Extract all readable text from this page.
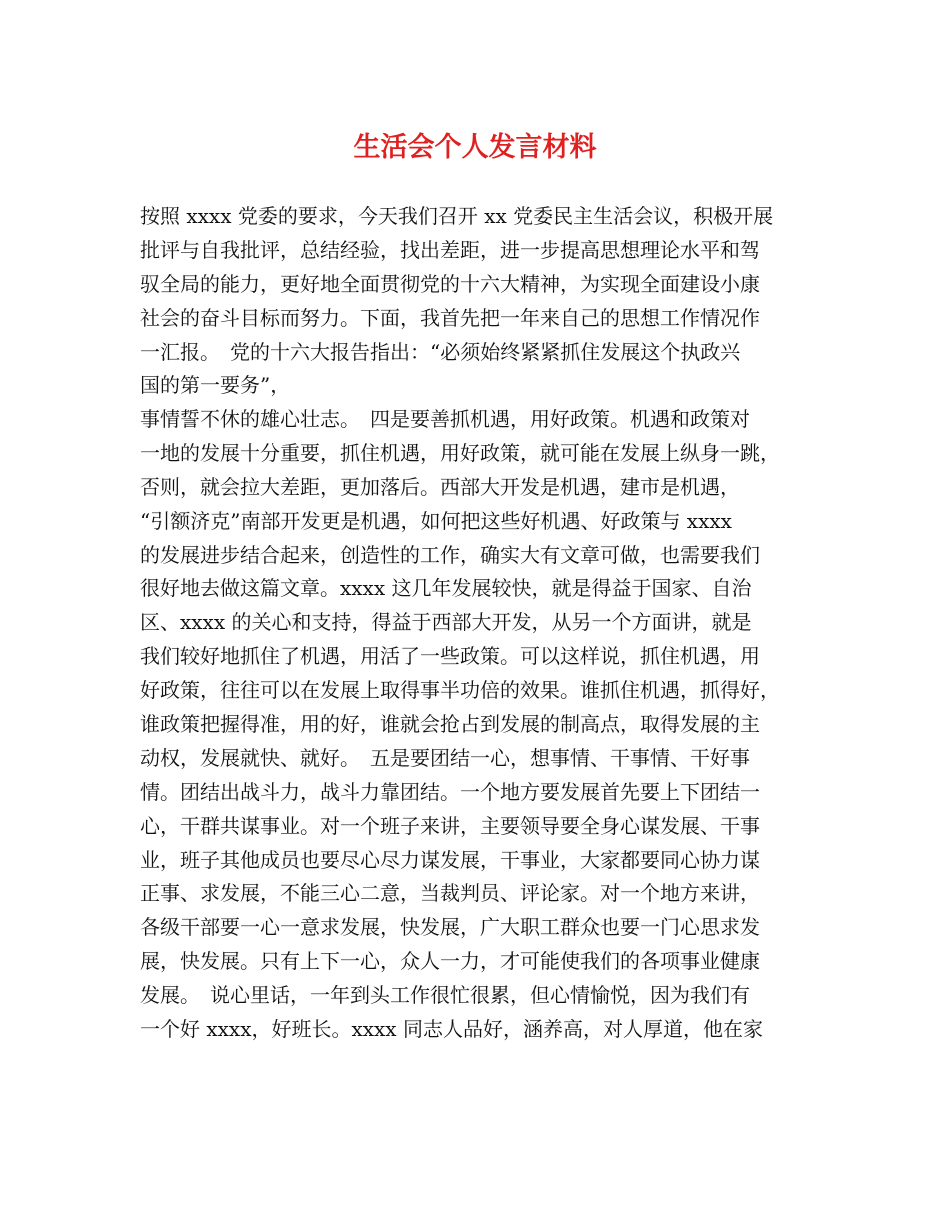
生活会个人发言材料
按照 xxxx 党委的要求，今天我们召开 xx 党委民主生活会议，积极开展
批评与自我批评，总结经验，找出差距，进一步提高思想理论水平和驾
驭全局的能力，更好地全面贯彻党的十六大精神，为实现全面建设小康
社会的奋斗目标而努力。下面，我首先把一年来自己的思想工作情况作
一汇报。　党的十六大报告指出：“必须始终紧紧抓住发展这个执政兴
国的第一要务”，
事情誓不休的雄心壮志。　四是要善抓机遇，用好政策。机遇和政策对
一地的发展十分重要，抓住机遇，用好政策，就可能在发展上纵身一跳，
否则，就会拉大差距，更加落后。西部大开发是机遇，建市是机遇，
“引额济克”南部开发更是机遇，如何把这些好机遇、好政策与 xxxx
的发展进步结合起来，创造性的工作，确实大有文章可做，也需要我们
很好地去做这篇文章。xxxx 这几年发展较快，就是得益于国家、自治
区、xxxx 的关心和支持，得益于西部大开发，从另一个方面讲，就是
我们较好地抓住了机遇，用活了一些政策。可以这样说，抓住机遇，用
好政策，往往可以在发展上取得事半功倍的效果。谁抓住机遇，抓得好，
谁政策把握得准，用的好，谁就会抢占到发展的制高点，取得发展的主
动权，发展就快、就好。　五是要团结一心，想事情、干事情、干好事
情。团结出战斗力，战斗力靠团结。一个地方要发展首先要上下团结一
心，干群共谋事业。对一个班子来讲，主要领导要全身心谋发展、干事
业，班子其他成员也要尽心尽力谋发展，干事业，大家都要同心协力谋
正事、求发展，不能三心二意，当裁判员、评论家。对一个地方来讲，
各级干部要一心一意求发展，快发展，广大职工群众也要一门心思求发
展，快发展。只有上下一心，众人一力，才可能使我们的各项事业健康
发展。　说心里话，一年到头工作很忙很累，但心情愉悦，因为我们有
一个好 xxxx，好班长。xxxx 同志人品好，涵养高，对人厚道，他在家
